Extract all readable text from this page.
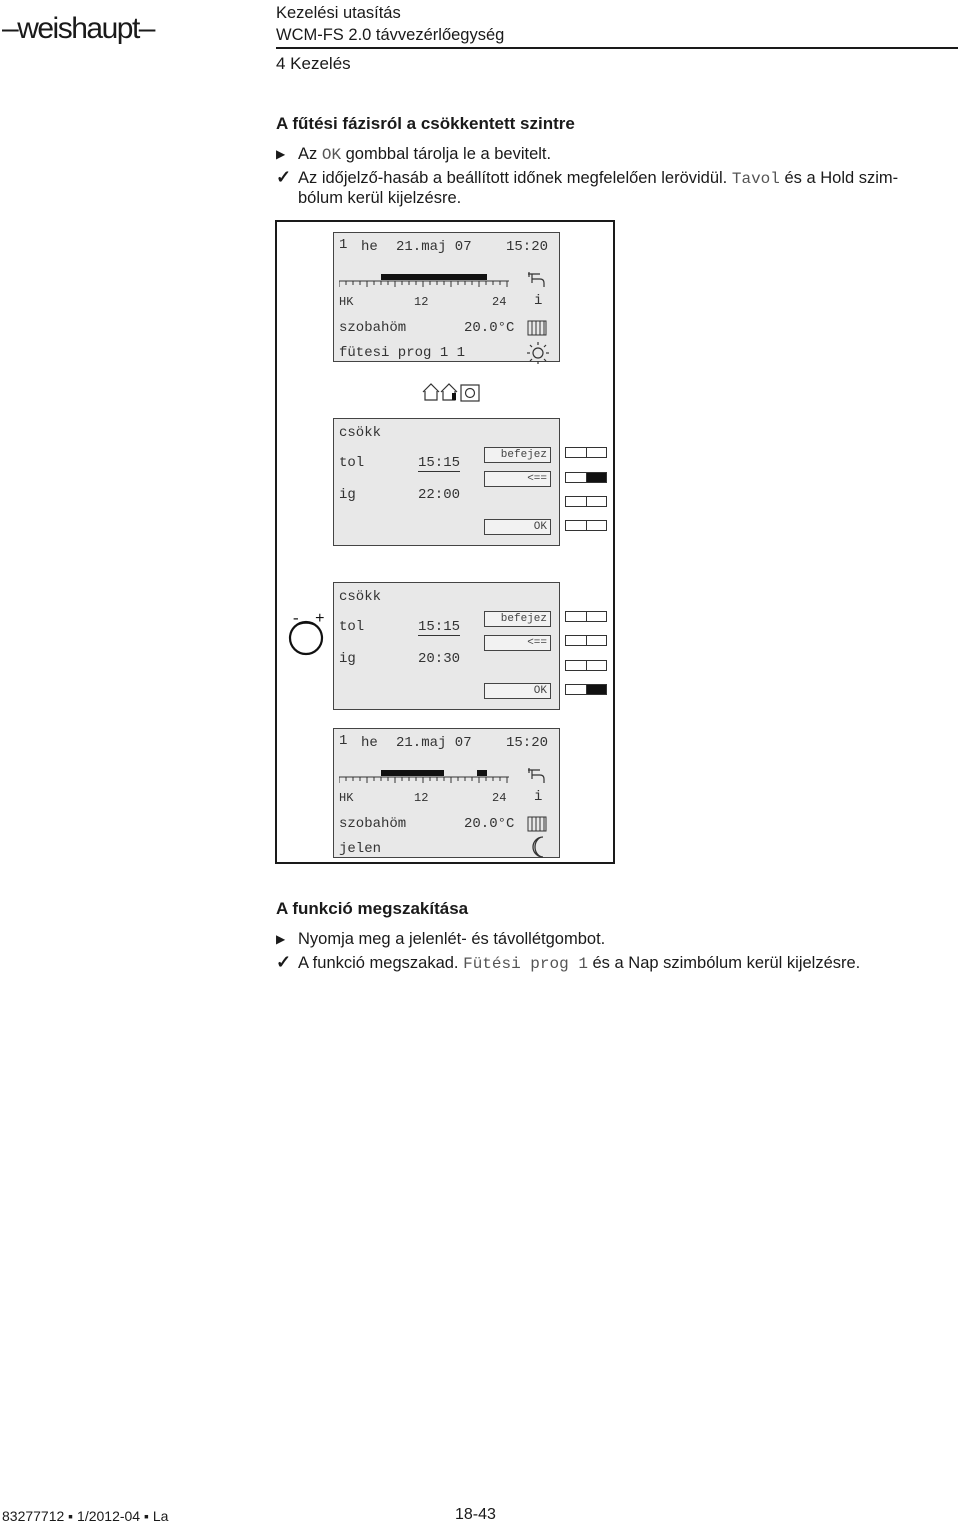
–weishaupt–	Kezelési utasítás
WCM-FS 2.0 távvezérlőegység
4 Kezelés
A fűtési fázisról a csökkentett szintre
▶ Az OK gombbal tárolja le a bevitelt.
✓ Az időjelző-hasáb a beállított időnek megfelelően lerövidül. Tavol és a Hold szim-
bólum kerül kijelzésre.
1 he 21.maj 07 15:20
HK	12	24 i
szobahöm	20.0°C
fütesi prog 1 1
csökk
tol	15:15
ig	22:00
befejez
<==
OK
- +
csökk
tol	15:15
ig	20:30
befejez
<==
OK
1 he 21.maj 07 15:20
HK	12	24 i
szobahöm	20.0°C
jelen
A funkció megszakítása
▶ Nyomja meg a jelenlét- és távollétgombot.
✓ A funkció megszakad. Fütési prog 1 és a Nap szimbólum kerül kijelzésre.
83277712 ▪ 1/2012-04 ▪ La	18-43
